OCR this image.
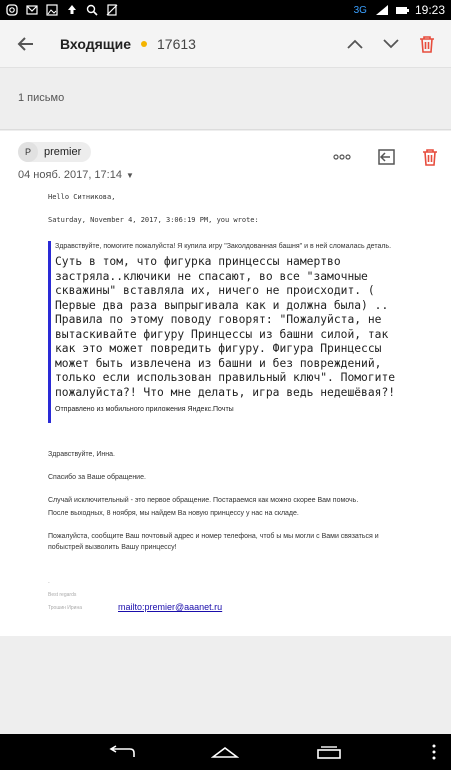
3G	19:23
Входящие 17613
1 письмо
P	premier
04 нояб. 2017, 17:14 ▼
Hello Ситникова,
Saturday, November 4, 2017, 3:06:19 PM, you wrote:
Здравствуйте, помогите пожалуйста! Я купила игру "Заколдованная башня" и в ней сломалась деталь.
Суть в том, что фигурка принцессы намертво застряла..ключики не спасают, во все "замочные скважины" вставляла их, ничего не происходит. ( Первые два раза выпрыгивала как и должна была) .. Правила по этому поводу говорят: "Пожалуйста, не вытаскивайте фигуру Принцессы из башни силой, так как это может повредить фигуру. Фигура Принцессы может быть извлечена из башни и без повреждений, только если использован правильный ключ". Помогите пожалуйста?! Что мне делать, игра ведь недешёвая?!
Отправлено из мобильного приложения Яндекс.Почты

Здравствуйте, Инна.

Спасибо за Ваше обращение.

Случай исключительный - это первое обращение. Постараемся как можно скорее Вам помочь.
После выходных, 8 ноября, мы найдем Ва новую принцессу у нас на складе.
Пожалуйста, сообщите Ваш почтовый адрес и номер телефона, чтоб ы мы могли с Вами связаться и побыстрей вызволить Вашу принцессу!
-
Best regards
Трошин Ирина	mailto:premier@aaanet.ru
